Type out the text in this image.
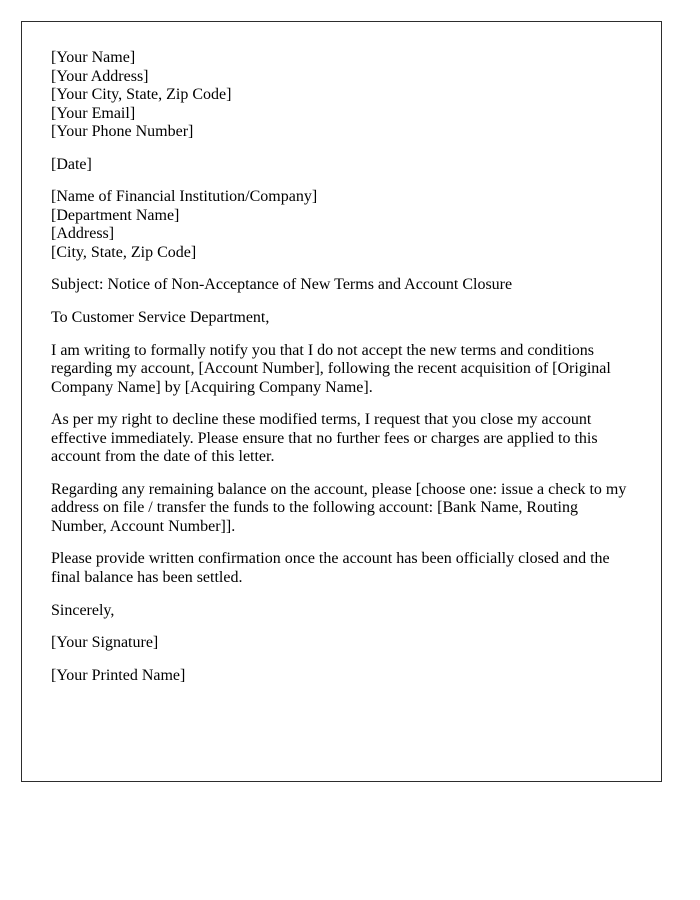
[Your Name]
[Your Address]
[Your City, State, Zip Code]
[Your Email]
[Your Phone Number]
[Date]
[Name of Financial Institution/Company]
[Department Name]
[Address]
[City, State, Zip Code]
Subject: Notice of Non-Acceptance of New Terms and Account Closure
To Customer Service Department,
I am writing to formally notify you that I do not accept the new terms and conditions regarding my account, [Account Number], following the recent acquisition of [Original Company Name] by [Acquiring Company Name].
As per my right to decline these modified terms, I request that you close my account effective immediately. Please ensure that no further fees or charges are applied to this account from the date of this letter.
Regarding any remaining balance on the account, please [choose one: issue a check to my address on file / transfer the funds to the following account: [Bank Name, Routing Number, Account Number]].
Please provide written confirmation once the account has been officially closed and the final balance has been settled.
Sincerely,
[Your Signature]
[Your Printed Name]
